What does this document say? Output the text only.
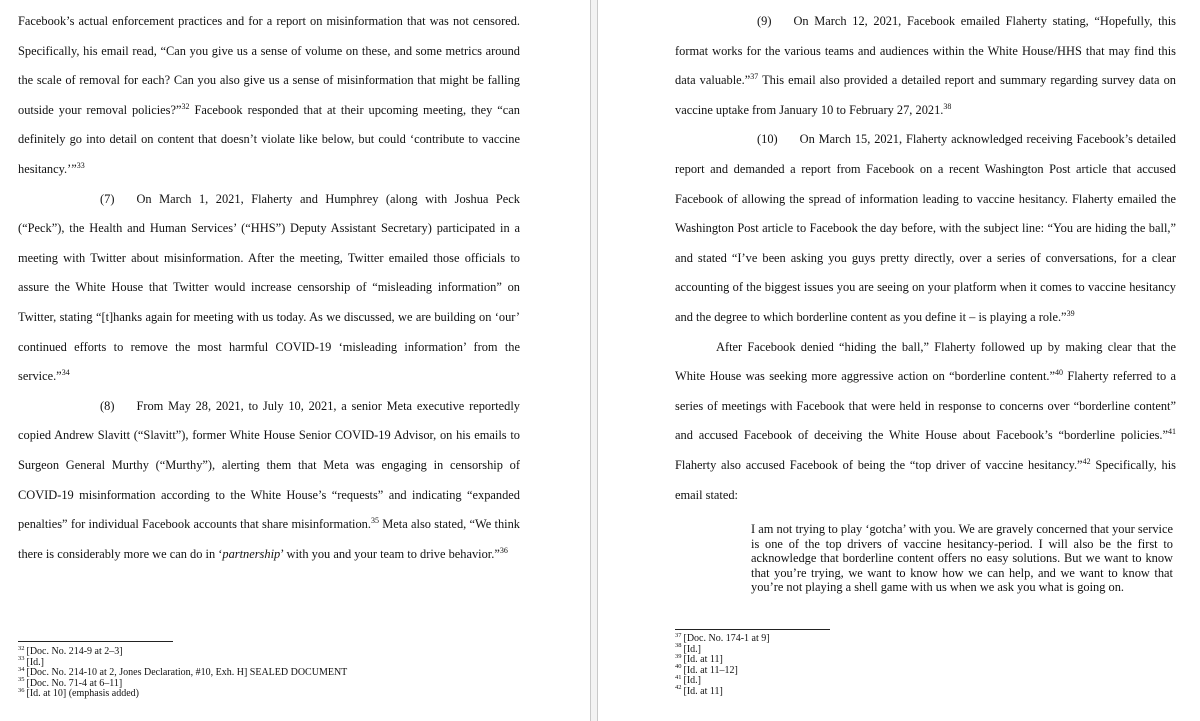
Facebook’s actual enforcement practices and for a report on misinformation that was not censored. Specifically, his email read, “Can you give us a sense of volume on these, and some metrics around the scale of removal for each? Can you also give us a sense of misinformation that might be falling outside your removal policies?”$^{32}$ Facebook responded that at their upcoming meeting, they “can definitely go into detail on content that doesn’t violate like below, but could ‘contribute to vaccine hesitancy.’”$^{33}$

(7) On March 1, 2021, Flaherty and Humphrey (along with Joshua Peck (“Peck”), the Health and Human Services’ (“HHS”) Deputy Assistant Secretary) participated in a meeting with Twitter about misinformation. After the meeting, Twitter emailed those officials to assure the White House that Twitter would increase censorship of “misleading information” on Twitter, stating “[t]hanks again for meeting with us today. As we discussed, we are building on ‘our’ continued efforts to remove the most harmful COVID-19 ‘misleading information’ from the service.”$^{34}$

(8) From May 28, 2021, to July 10, 2021, a senior Meta executive reportedly copied Andrew Slavitt (“Slavitt”), former White House Senior COVID-19 Advisor, on his emails to Surgeon General Murthy (“Murthy”), alerting them that Meta was engaging in censorship of COVID-19 misinformation according to the White House’s “requests” and indicating “expanded penalties” for individual Facebook accounts that share misinformation.$^{35}$ Meta also stated, “We think there is considerably more we can do in ‘partnership’ with you and your team to drive behavior.”$^{36}$

$^{32}$ [Doc. No. 214-9 at 2–3]
$^{33}$ [Id.]
$^{34}$ [Doc. No. 214-10 at 2, Jones Declaration, #10, Exh. H] SEALED DOCUMENT
$^{35}$ [Doc. No. 71-4 at 6–11]
$^{36}$ [Id. at 10] (emphasis added)

(9) On March 12, 2021, Facebook emailed Flaherty stating, “Hopefully, this format works for the various teams and audiences within the White House/HHS that may find this data valuable.”$^{37}$ This email also provided a detailed report and summary regarding survey data on vaccine uptake from January 10 to February 27, 2021.38

(10) On March 15, 2021, Flaherty acknowledged receiving Facebook’s detailed report and demanded a report from Facebook on a recent Washington Post article that accused Facebook of allowing the spread of information leading to vaccine hesitancy. Flaherty emailed the Washington Post article to Facebook the day before, with the subject line: “You are hiding the ball,” and stated “I’ve been asking you guys pretty directly, over a series of conversations, for a clear accounting of the biggest issues you are seeing on your platform when it comes to vaccine hesitancy and the degree to which borderline content as you define it – is playing a role.”$^{39}$

After Facebook denied “hiding the ball,” Flaherty followed up by making clear that the White House was seeking more aggressive action on “borderline content.”$^{40}$ Flaherty referred to a series of meetings with Facebook that were held in response to concerns over “borderline content” and accused Facebook of deceiving the White House about Facebook’s “borderline policies.”$^{41}$ Flaherty also accused Facebook of being the “top driver of vaccine hesitancy.”$^{42}$ Specifically, his email stated:

I am not trying to play ‘gotcha’ with you. We are gravely concerned that your service is one of the top drivers of vaccine hesitancy-period. I will also be the first to acknowledge that borderline content offers no easy solutions. But we want to know that you’re trying, we want to know how we can help, and we want to know that you’re not playing a shell game with us when we ask you what is going on.
$^{37}$ [Doc. No. 174-1 at 9]
$^{38}$ [Id.]
$^{39}$ [Id. at 11]
$^{40}$ [Id. at 11–12]
$^{41}$ [Id.]
$^{42}$ [Id. at 11]
